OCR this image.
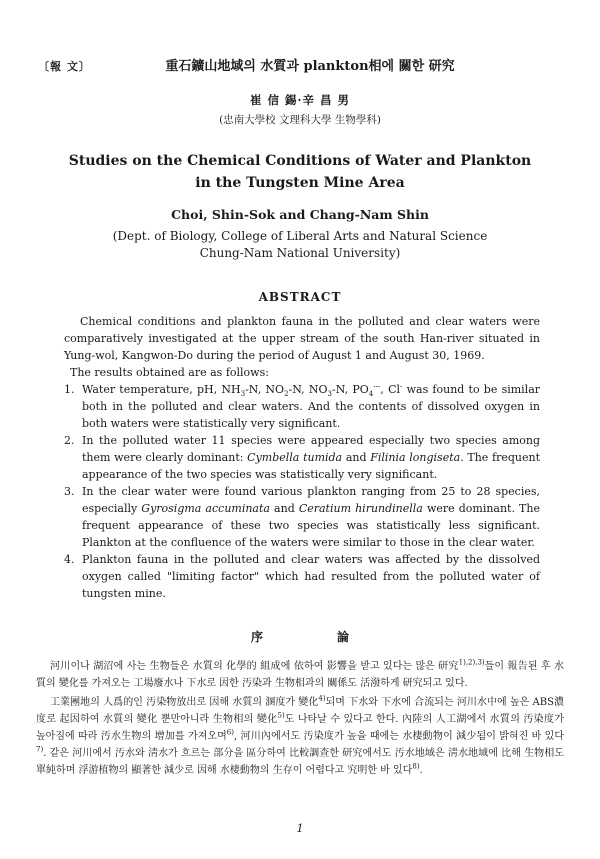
〔報 文〕	重石鑛山地域의 水質과 plankton相에 關한 研究
崔 信 錫·辛 昌 男
(忠南大學校 文理科大學 生物學科)
Studies on the Chemical Conditions of Water and Plankton
in the Tungsten Mine Area
Choi, Shin-Sok and Chang-Nam Shin
(Dept. of Biology, College of Liberal Arts and Natural Science
Chung-Nam National University)
ABSTRACT

Chemical conditions and plankton fauna in the polluted and clear waters were comparatively investigated at the upper stream of the south Han-river situated in Yung-wol, Kangwon-Do during the period of August 1 and August 30, 1969.

The results obtained are as follows:
1. Water temperature, pH, $NH_3-N$, $NO_2-N$, $NO_3-N$, $PO_4^{---}$, Cl- was found to be similar both in the polluted and clear waters. And the contents of dissolved oxygen in both waters were statistically very significant.
2. In the polluted water 11 species were appeared especially two species among them were clearly dominant: Cymbella tumida and Filinia longiseta. The frequent appearance of the two species was statistically very significant.
3. In the clear water were found various plankton ranging from 25 to 28 species, especially Gyrosigma accuminata and Ceratium hirundinella were dominant. The frequent appearance of these two species was statistically less significant. Plankton at the confluence of the waters were similar to those in the clear water.
4. Plankton fauna in the polluted and clear waters was affected by the dissolved oxygen called "limiting factor" which had resulted from the polluted water of tungsten mine.
序	論

河川이나 湖沼에 사는 生物들은 水質의 化學的 組成에 依하여 影響을 받고 있다는 많은 研究$^{1),2),3)}$들이 報告된 후 水質의 變化를 가져오는 工場廢水나 下水로 因한 汚染과 生物相과의 關係도 活潑하게 研究되고 있다.

工業團地의 人爲的인 汚染物放出로 因해 水質의 溷度가 變化$^{4)}$되며 下水와 下水에 合流되는 河川水中에 높은 ABS濃度로 起因하여 水質의 變化 뿐만아니라 生物相의 變化$^{5)}$도 나타날 수 있다고 한다. 內陸의 人工湖에서 水質의 汚染度가 높아짐에 따라 汚水生物의 增加를 가져오며$^{6)}$, 河川內에서도 汚染度가 높을 때에는 水棲動物이 減少됨이 밝혀진 바 있다$^{7)}$. 같은 河川에서 汚水와 淸水가 흐르는 部分을 區分하여 比較調查한 研究에서도 汚水地域은 淸水地域에 比해 生物相도 單純하며 浮游植物의 顯著한 減少로 因해 水棲動物의 生存이 어렵다고 究明한 바 있다$^{8)}$.

1
